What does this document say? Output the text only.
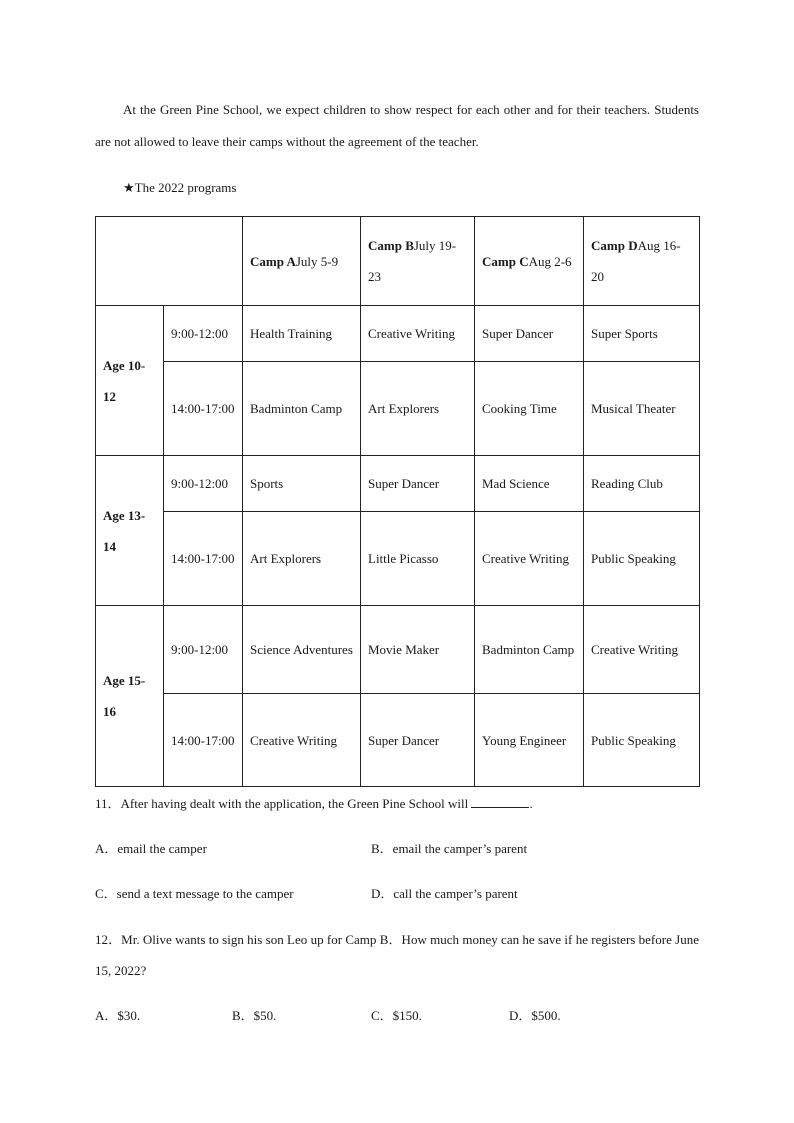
At the Green Pine School, we expect children to show respect for each other and for their teachers. Students are not allowed to leave their camps without the agreement of the teacher.
★The 2022 programs
		Camp AJuly 5-9	Camp BJuly 19-23	Camp CAug 2-6	Camp DAug 16-20
Age 10-12	9:00-12:00	Health Training	Creative Writing	Super Dancer	Super Sports
	14:00-17:00	Badminton Camp	Art Explorers	Cooking Time	Musical Theater
Age 13-14	9:00-12:00	Sports	Super Dancer	Mad Science	Reading Club
	14:00-17:00	Art Explorers	Little Picasso	Creative Writing	Public Speaking
Age 15-16	9:00-12:00	Science Adventures	Movie Maker	Badminton Camp	Creative Writing
	14:00-17:00	Creative Writing	Super Dancer	Young Engineer	Public Speaking
11．After having dealt with the application, the Green Pine School will	.
A．email the camper	B．email the camper’s parent
C．send a text message to the camper	D．call the camper’s parent
12．Mr. Olive wants to sign his son Leo up for Camp B．How much money can he save if he registers before June 15, 2022?
A．$30.	B．$50.	C．$150.	D．$500.
